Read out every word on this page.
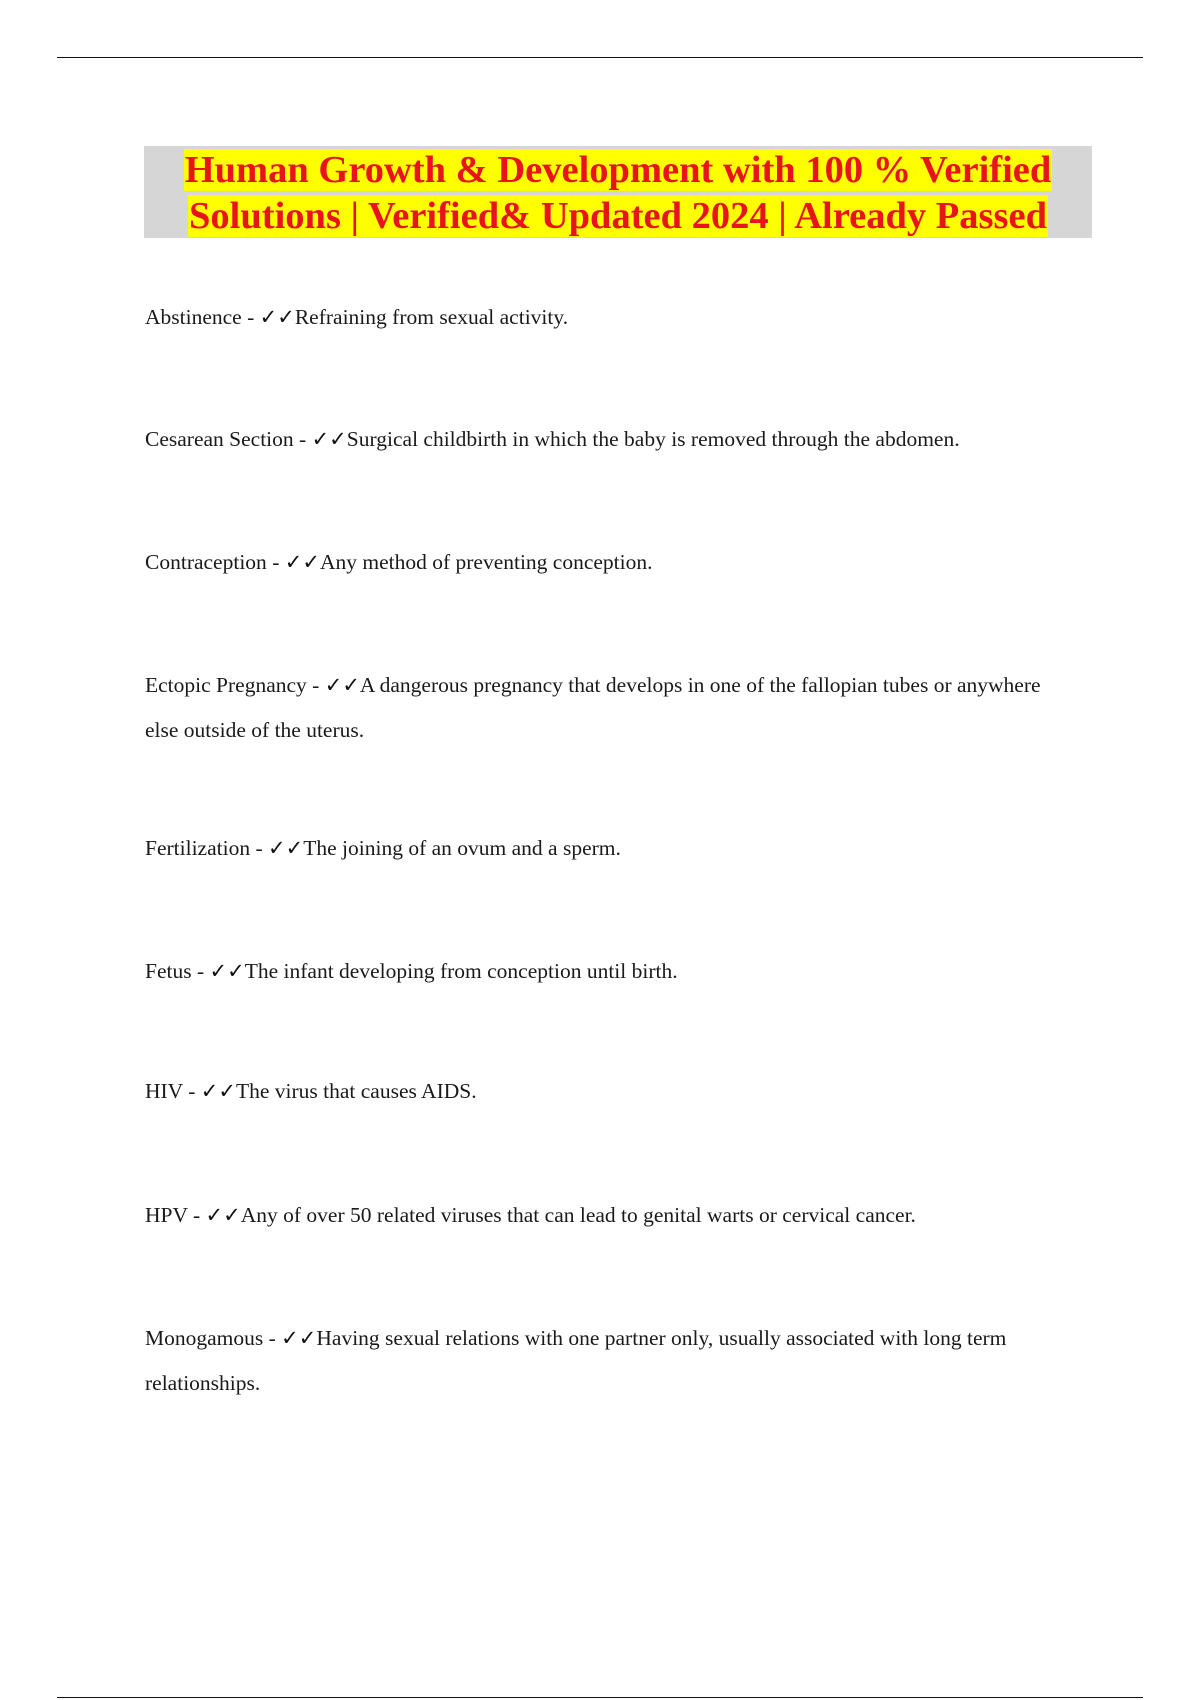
Human Growth & Development with 100 % Verified
Solutions | Verified& Updated 2024 | Already Passed
Abstinence - ✓✓Refraining from sexual activity.
Cesarean Section - ✓✓Surgical childbirth in which the baby is removed through the abdomen.
Contraception - ✓✓Any method of preventing conception.
Ectopic Pregnancy - ✓✓A dangerous pregnancy that develops in one of the fallopian tubes or anywhere else outside of the uterus.
Fertilization - ✓✓The joining of an ovum and a sperm.
Fetus - ✓✓The infant developing from conception until birth.
HIV - ✓✓The virus that causes AIDS.
HPV - ✓✓Any of over 50 related viruses that can lead to genital warts or cervical cancer.
Monogamous - ✓✓Having sexual relations with one partner only, usually associated with long term relationships.
